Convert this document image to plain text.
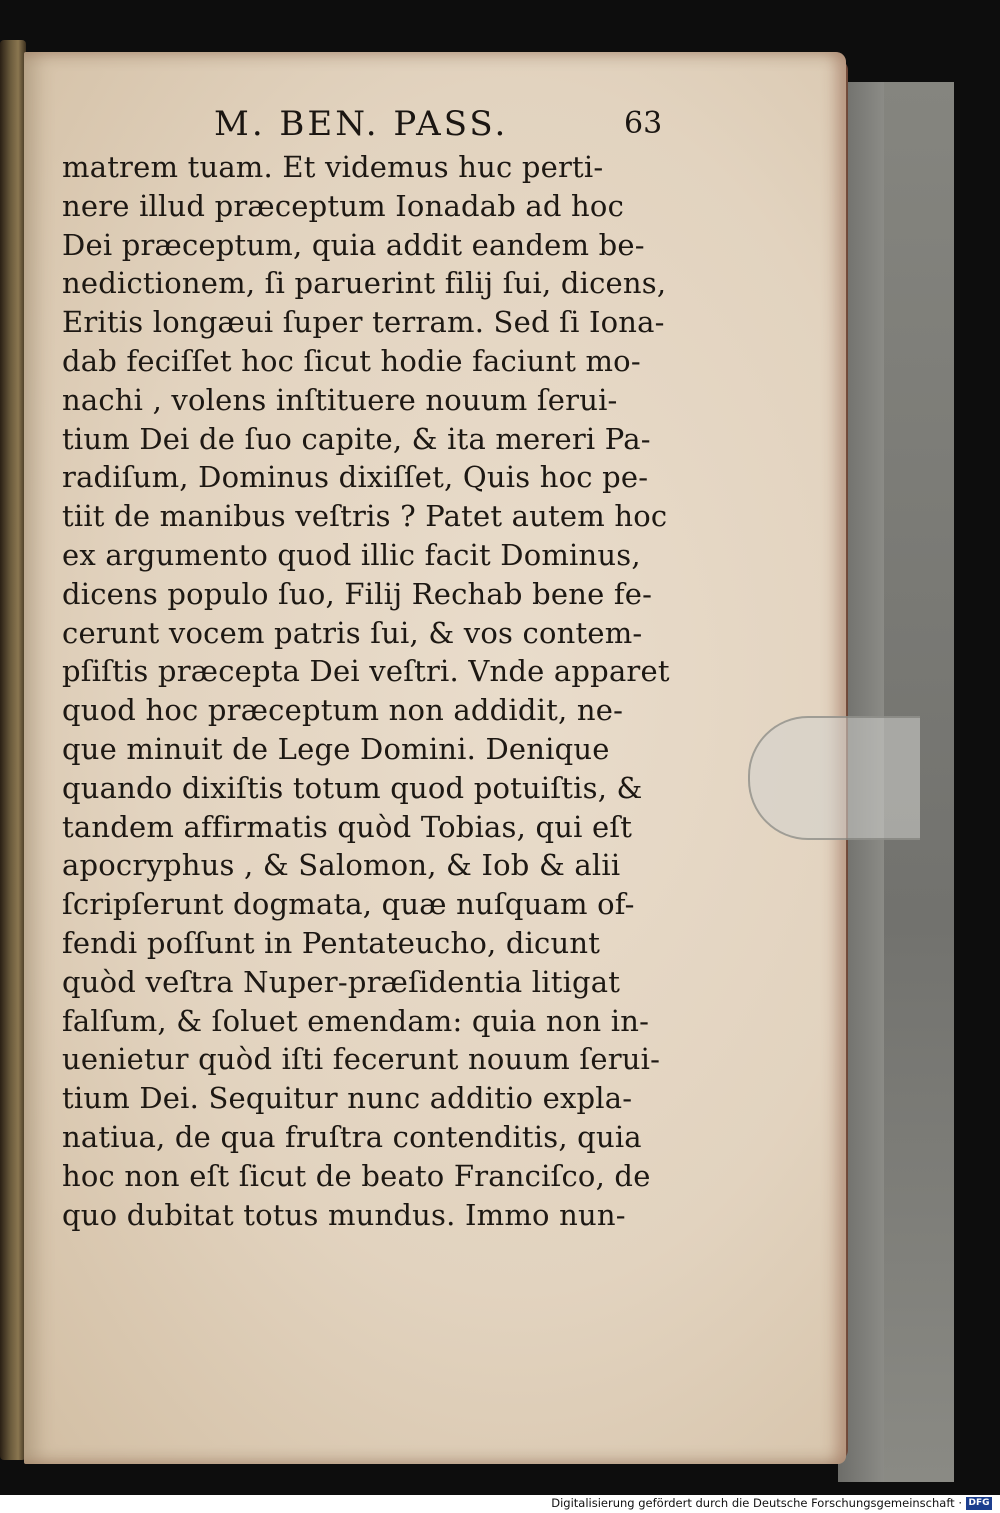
M. BEN. PASS.	63
matrem tuam. Et videmus huc perti-
nere illud præceptum Ionadab ad hoc
Dei præceptum, quia addit eandem be-
nedictionem, ſi paruerint filij ſui, dicens,
Eritis longæui ſuper terram. Sed ſi Iona-
dab feciſſet hoc ſicut hodie faciunt mo-
nachi , volens inſtituere nouum ſerui-
tium Dei de ſuo capite, & ita mereri Pa-
radiſum, Dominus dixiſſet, Quis hoc pe-
tiit de manibus veſtris ? Patet autem hoc
ex argumento quod illic facit Dominus,
dicens populo ſuo, Filij Rechab bene fe-
cerunt vocem patris ſui, & vos contem-
pſiſtis præcepta Dei veſtri. Vnde apparet
quod hoc præceptum non addidit, ne-
que minuit de Lege Domini. Denique
quando dixiſtis totum quod potuiſtis, &
tandem affirmatis quòd Tobias, qui eſt
apocryphus , & Salomon, & Iob & alii
ſcripſerunt dogmata, quæ nuſquam of-
fendi poſſunt in Pentateucho, dicunt
quòd veſtra Nuper-præſidentia litigat
falſum, & ſoluet emendam: quia non in-
uenietur quòd iſti fecerunt nouum ſerui-
tium Dei. Sequitur nunc additio expla-
natiua, de qua fruſtra contenditis, quia
hoc non eſt ſicut de beato Franciſco, de
quo dubitat totus mundus. Immo nun-
Digitalisierung gefördert durch die Deutsche Forschungsgemeinschaft · DFG
